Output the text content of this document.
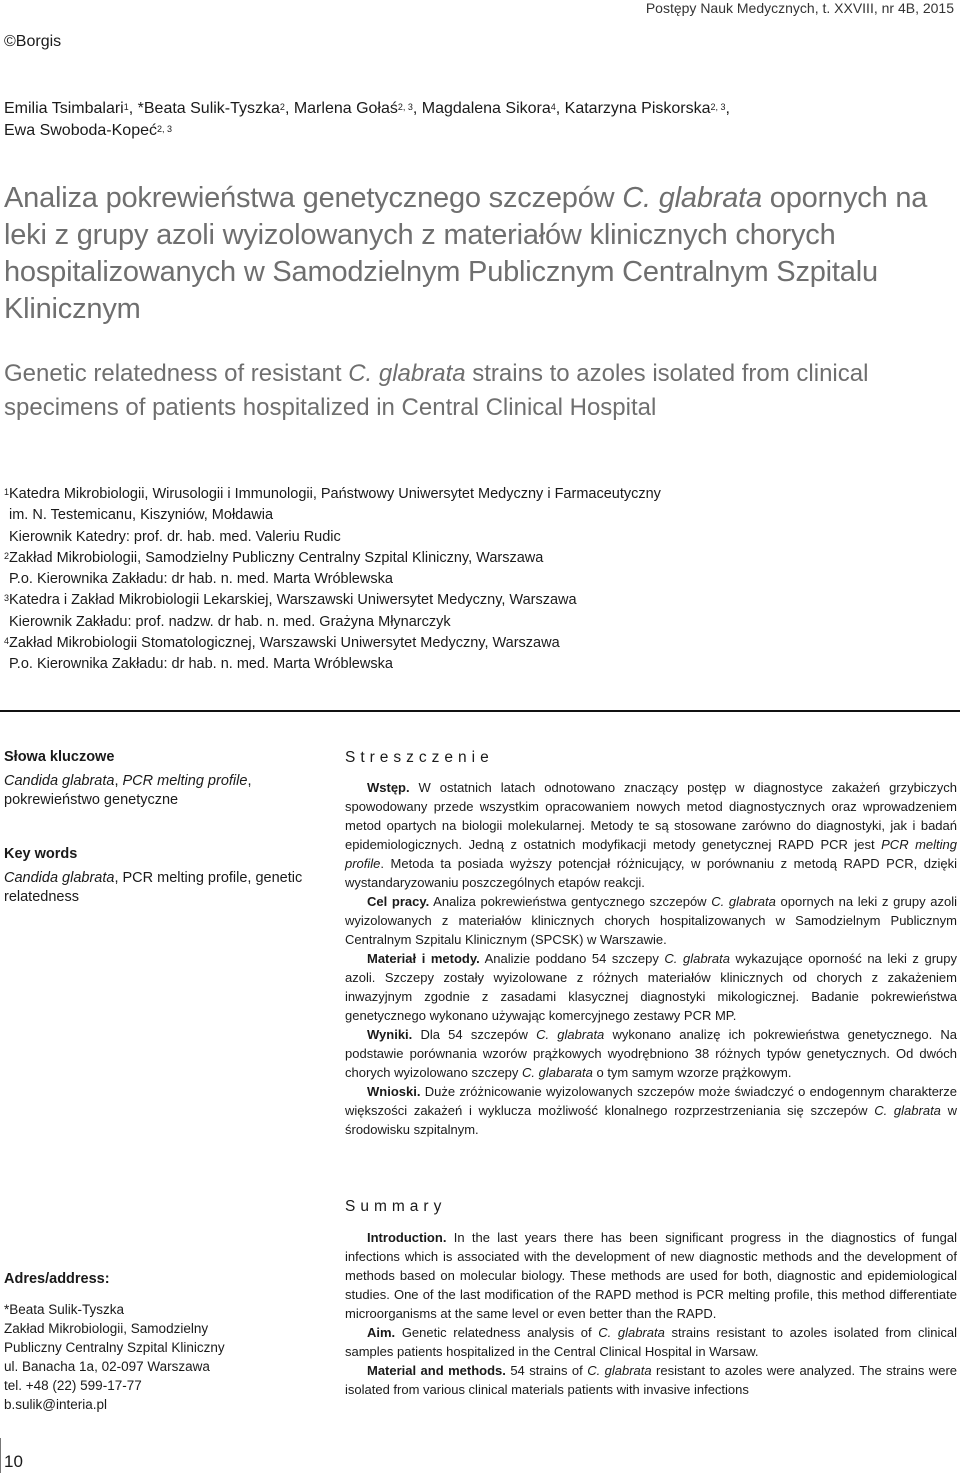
Postępy Nauk Medycznych, t. XXVIII, nr 4B, 2015
©Borgis
Emilia Tsimbalari$^1$, *Beata Sulik-Tyszka$^2$, Marlena Gołaś$^{2, 3}$, Magdalena Sikora$^4$, Katarzyna Piskorska$^{2, 3}$,
Ewa Swoboda-Kopeć$^{2, 3}$
Analiza pokrewieństwa genetycznego szczepów C. glabrata opornych na leki z grupy azoli wyizolowanych z materiałów klinicznych chorych hospitalizowanych w Samodzielnym Publicznym Centralnym Szpitalu Klinicznym
Genetic relatedness of resistant C. glabrata strains to azoles isolated from clinical specimens of patients hospitalized in Central Clinical Hospital
$^1$Katedra Mikrobiologii, Wirusologii i Immunologii, Państwowy Uniwersytet Medyczny i Farmaceutyczny
im. N. Testemicanu, Kiszyniów, Mołdawia
Kierownik Katedry: prof. dr. hab. med. Valeriu Rudic
$^2$Zakład Mikrobiologii, Samodzielny Publiczny Centralny Szpital Kliniczny, Warszawa
P.o. Kierownika Zakładu: dr hab. n. med. Marta Wróblewska
$^3$Katedra i Zakład Mikrobiologii Lekarskiej, Warszawski Uniwersytet Medyczny, Warszawa
Kierownik Zakładu: prof. nadzw. dr hab. n. med. Grażyna Młynarczyk
$^4$Zakład Mikrobiologii Stomatologicznej, Warszawski Uniwersytet Medyczny, Warszawa
P.o. Kierownika Zakładu: dr hab. n. med. Marta Wróblewska
Słowa kluczowe
Candida glabrata, PCR melting profile, pokrewieństwo genetyczne
Key words
Candida glabrata, PCR melting profile, genetic relatedness
Adres/address:
*Beata Sulik-Tyszka
Zakład Mikrobiologii, Samodzielny
Publiczny Centralny Szpital Kliniczny
ul. Banacha 1a, 02-097 Warszawa
tel. +48 (22) 599-17-77
b.sulik@interia.pl
Streszczenie

Wstęp. W ostatnich latach odnotowano znaczący postęp w diagnostyce zakażeń grzybiczych spowodowany przede wszystkim opracowaniem nowych metod diagnostycznych oraz wprowadzeniem metod opartych na biologii molekularnej. Metody te są stosowane zarówno do diagnostyki, jak i badań epidemiologicznych. Jedną z ostatnich modyfikacji metody genetycznej RAPD PCR jest PCR melting profile. Metoda ta posiada wyższy potencjał różnicujący, w porównaniu z metodą RAPD PCR, dzięki wystandaryzowaniu poszczególnych etapów reakcji.

Cel pracy. Analiza pokrewieństwa gentycznego szczepów C. glabrata opornych na leki z grupy azoli wyizolowanych z materiałów klinicznych chorych hospitalizowanych w Samodzielnym Publicznym Centralnym Szpitalu Klinicznym (SPCSK) w Warszawie.

Materiał i metody. Analizie poddano 54 szczepy C. glabrata wykazujące oporność na leki z grupy azoli. Szczepy zostały wyizolowane z różnych materiałów klinicznych od chorych z zakażeniem inwazyjnym zgodnie z zasadami klasycznej diagnostyki mikologicznej. Badanie pokrewieństwa genetycznego wykonano używając komercyjnego zestawy PCR MP.

Wyniki. Dla 54 szczepów C. glabrata wykonano analizę ich pokrewieństwa genetycznego. Na podstawie porównania wzorów prążkowych wyodrębniono 38 różnych typów genetycznych. Od dwóch chorych wyizolowano szczepy C. glabarata o tym samym wzorze prążkowym.

Wnioski. Duże zróżnicowanie wyizolowanych szczepów może świadczyć o endogennym charakterze większości zakażeń i wyklucza możliwość klonalnego rozprzestrzeniania się szczepów C. glabrata w środowisku szpitalnym.

Summary

Introduction. In the last years there has been significant progress in the diagnostics of fungal infections which is associated with the development of new diagnostic methods and the development of methods based on molecular biology. These methods are used for both, diagnostic and epidemiological studies. One of the last modification of the RAPD method is PCR melting profile, this method differentiate microorganisms at the same level or even better than the RAPD.

Aim. Genetic relatedness analysis of C. glabrata strains resistant to azoles isolated from clinical samples patients hospitalized in the Central Clinical Hospital in Warsaw.

Material and methods. 54 strains of C. glabrata resistant to azoles were analyzed. The strains were isolated from various clinical materials patients with invasive infections

10
